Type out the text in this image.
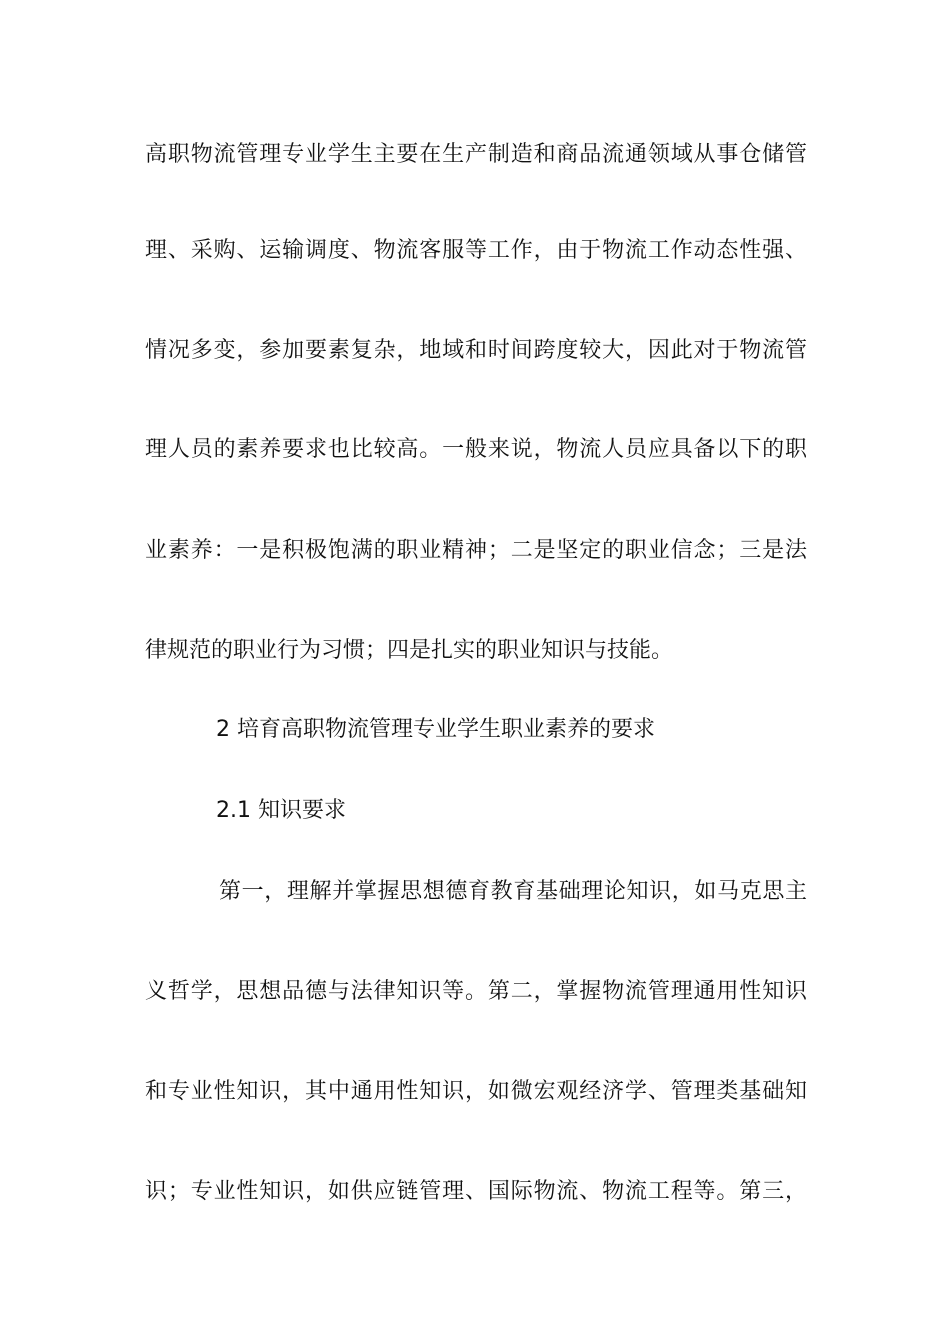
高职物流管理专业学生主要在生产制造和商品流通领域从事仓储管
理、采购、运输调度、物流客服等工作，由于物流工作动态性强、
情况多变，参加要素复杂，地域和时间跨度较大，因此对于物流管
理人员的素养要求也比较高。一般来说，物流人员应具备以下的职
业素养：一是积极饱满的职业精神；二是坚定的职业信念；三是法
律规范的职业行为习惯；四是扎实的职业知识与技能。
2 培育高职物流管理专业学生职业素养的要求
2.1 知识要求
第一，理解并掌握思想德育教育基础理论知识，如马克思主
义哲学，思想品德与法律知识等。第二，掌握物流管理通用性知识
和专业性知识，其中通用性知识，如微宏观经济学、管理类基础知
识；专业性知识，如供应链管理、国际物流、物流工程等。第三，
